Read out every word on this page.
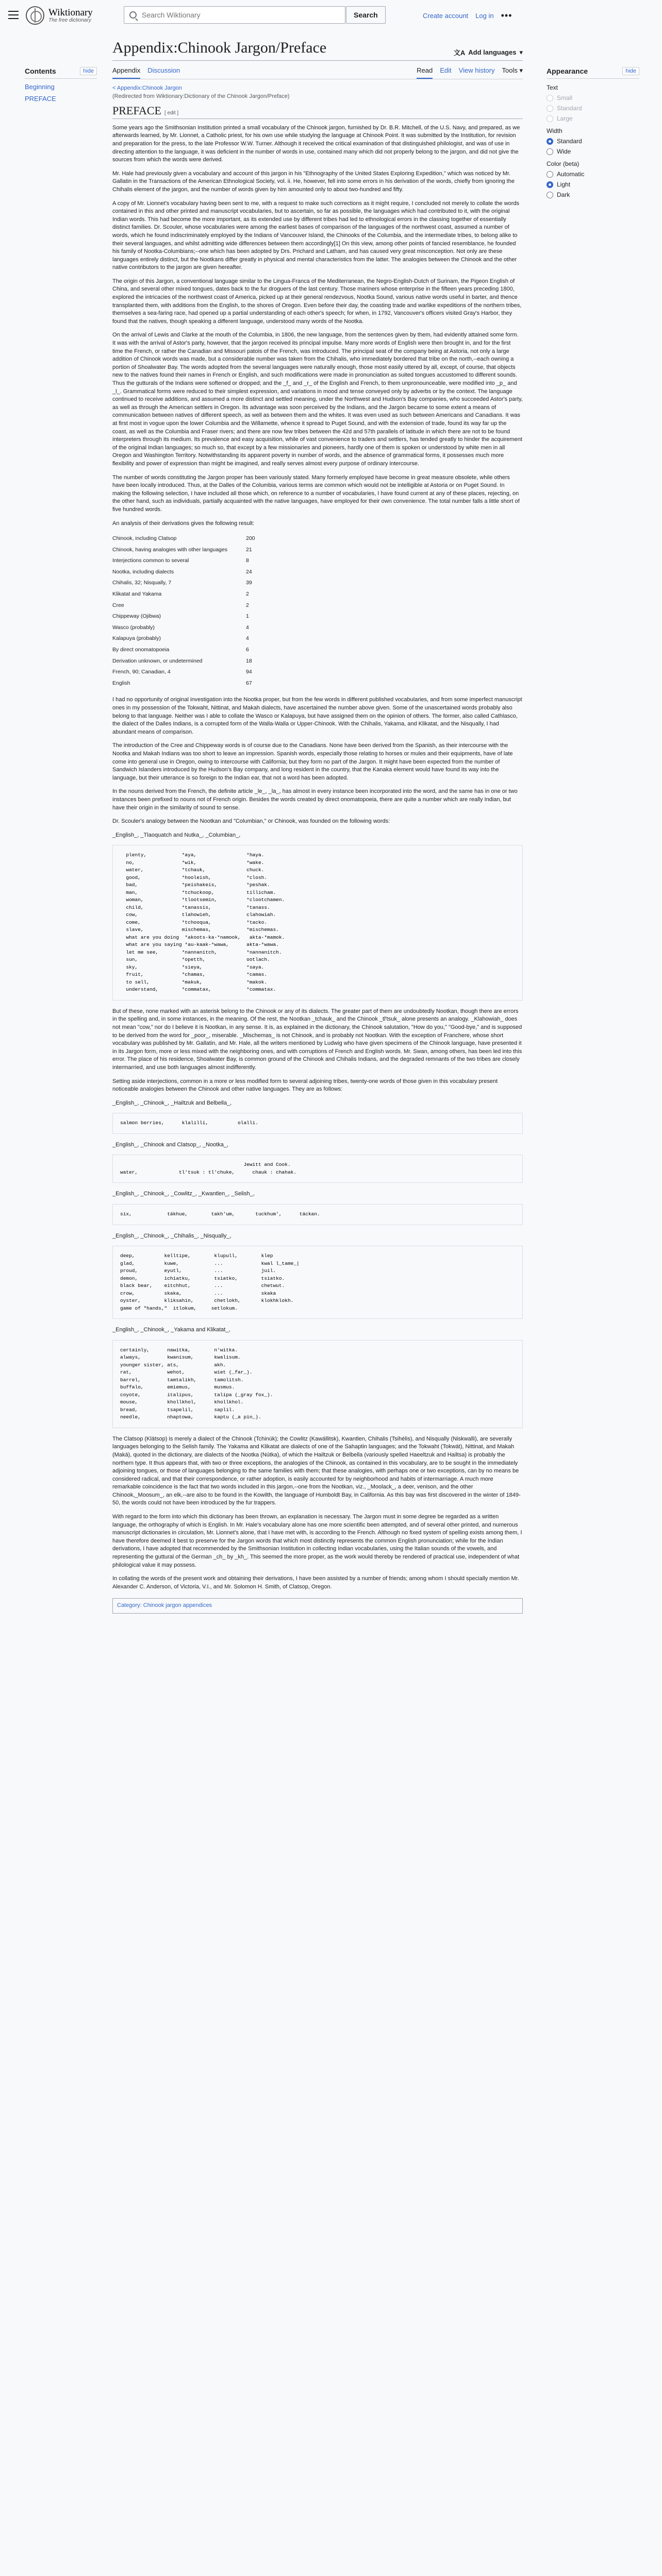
Wiktionary
The free dictionary
Search Wiktionary
Search	Create account Log in •••
Contents	hide
Beginning
PREFACE
Appendix:Chinook Jargon/Preface	文A Add languages ▾
Appendix Discussion	Read Edit View history Tools ▾
< Appendix:Chinook Jargon
(Redirected from Wiktionary:Dictionary of the Chinook Jargon/Preface)
PREFACE [ edit ]

Some years ago the Smithsonian Institution printed a small vocabulary of the Chinook jargon, furnished by Dr. B.R. Mitchell, of the U.S. Navy, and prepared, as we afterwards learned, by Mr. Lionnet, a Catholic priest, for his own use while studying the language at Chinook Point. It was submitted by the Institution, for revision and preparation for the press, to the late Professor W.W. Turner. Although it received the critical examination of that distinguished philologist, and was of use in directing attention to the language, it was deficient in the number of words in use, contained many which did not properly belong to the jargon, and did not give the sources from which the words were derived.

Mr. Hale had previously given a vocabulary and account of this jargon in his "Ethnography of the United States Exploring Expedition," which was noticed by Mr. Gallatin in the Transactions of the American Ethnological Society, vol. ii. He, however, fell into some errors in his derivation of the words, chiefly from ignoring the Chihalis element of the jargon, and the number of words given by him amounted only to about two-hundred and fifty.

A copy of Mr. Lionnet's vocabulary having been sent to me, with a request to make such corrections as it might require, I concluded not merely to collate the words contained in this and other printed and manuscript vocabularies, but to ascertain, so far as possible, the languages which had contributed to it, with the original Indian words. This had become the more important, as its extended use by different tribes had led to ethnological errors in the classing together of essentially distinct families. Dr. Scouler, whose vocabularies were among the earliest bases of comparison of the languages of the northwest coast, assumed a number of words, which he found indiscriminately employed by the Indians of Vancouver Island, the Chinooks of the Columbia, and the intermediate tribes, to belong alike to their several languages, and whilst admitting wide differences between them accordingly[1] On this view, among other points of fancied resemblance, he founded his family of Nootka-Columbians;--one which has been adopted by Drs. Prichard and Latham, and has caused very great misconception. Not only are these languages entirely distinct, but the Nootkans differ greatly in physical and mental characteristics from the latter. The analogies between the Chinook and the other native contributors to the jargon are given hereafter.

The origin of this Jargon, a conventional language similar to the Lingua-Franca of the Mediterranean, the Negro-English-Dutch of Surinam, the Pigeon English of China, and several other mixed tongues, dates back to the fur droguers of the last century. Those mariners whose enterprise in the fifteen years preceding 1800, explored the intricacies of the northwest coast of America, picked up at their general rendezvous, Nootka Sound, various native words useful in barter, and thence transplanted them, with additions from the English, to the shores of Oregon. Even before their day, the coasting trade and warlike expeditions of the northern tribes, themselves a sea-faring race, had opened up a partial understanding of each other's speech; for when, in 1792, Vancouver's officers visited Gray's Harbor, they found that the natives, though speaking a different language, understood many words of the Nootka.

On the arrival of Lewis and Clarke at the mouth of the Columbia, in 1806, the new language, from the sentences given by them, had evidently attained some form. It was with the arrival of Astor's party, however, that the jargon received its principal impulse. Many more words of English were then brought in, and for the first time the French, or rather the Canadian and Missouri patois of the French, was introduced. The principal seat of the company being at Astoria, not only a large addition of Chinook words was made, but a considerable number was taken from the Chihalis, who immediately bordered that tribe on the north,--each owning a portion of Shoalwater Bay. The words adopted from the several languages were naturally enough, those most easily uttered by all, except, of course, that objects new to the natives found their names in French or English, and such modifications were made in pronunciation as suited tongues accustomed to different sounds. Thus the gutturals of the Indians were softened or dropped; and the _f_ and _r_ of the English and French, to them unpronounceable, were modified into _p_ and _l_. Grammatical forms were reduced to their simplest expression, and variations in mood and tense conveyed only by adverbs or by the context. The language continued to receive additions, and assumed a more distinct and settled meaning, under the Northwest and Hudson's Bay companies, who succeeded Astor's party, as well as through the American settlers in Oregon. Its advantage was soon perceived by the Indians, and the Jargon became to some extent a means of communication between natives of different speech, as well as between them and the whites. It was even used as such between Americans and Canadians. It was at first most in vogue upon the lower Columbia and the Willamette, whence it spread to Puget Sound, and with the extension of trade, found its way far up the coast, as well as the Columbia and Fraser rivers; and there are now few tribes between the 42d and 57th parallels of latitude in which there are not to be found interpreters through its medium. Its prevalence and easy acquisition, while of vast convenience to traders and settlers, has tended greatly to hinder the acquirement of the original Indian languages; so much so, that except by a few missionaries and pioneers, hardly one of them is spoken or understood by white men in all Oregon and Washington Territory. Notwithstanding its apparent poverty in number of words, and the absence of grammatical forms, it possesses much more flexibility and power of expression than might be imagined, and really serves almost every purpose of ordinary intercourse.

The number of words constituting the Jargon proper has been variously stated. Many formerly employed have become in great measure obsolete, while others have been locally introduced. Thus, at the Dalles of the Columbia, various terms are common which would not be intelligible at Astoria or on Puget Sound. In making the following selection, I have included all those which, on reference to a number of vocabularies, I have found current at any of these places, rejecting, on the other hand, such as individuals, partially acquainted with the native languages, have employed for their own convenience. The total number falls a little short of five hundred words.

An analysis of their derivations gives the following result:

Chinook, including Clatsop	200
Chinook, having analogies with other languages	21
Interjections common to several	8
Nootka, including dialects	24
Chihalis, 32; Nisqually, 7	39
Klikatat and Yakama	2
Cree	2
Chippeway (Ojibwa)	1
Wasco (probably)	4
Kalapuya (probably)	4
By direct onomatopoeia	6
Derivation unknown, or undetermined	18
French, 90; Canadian, 4	94
English	67

I had no opportunity of original investigation into the Nootka proper, but from the few words in different published vocabularies, and from some imperfect manuscript ones in my possession of the Tokwaht, Nittinat, and Makah dialects, have ascertained the number above given. Some of the unascertained words probably also belong to that language. Neither was I able to collate the Wasco or Kalapuya, but have assigned them on the opinion of others. The former, also called Cathlasco, the dialect of the Dalles Indians, is a corrupted form of the Walla-Walla or Upper-Chinook. With the Chihalis, Yakama, and Klikatat, and the Nisqually, I had abundant means of comparison.

The introduction of the Cree and Chippeway words is of course due to the Canadians. None have been derived from the Spanish, as their intercourse with the Nootka and Makah Indians was too short to leave an impression. Spanish words, especially those relating to horses or mules and their equipments, have of late come into general use in Oregon, owing to intercourse with California; but they form no part of the Jargon. It might have been expected from the number of Sandwich Islanders introduced by the Hudson's Bay company, and long resident in the country, that the Kanaka element would have found its way into the language, but their utterance is so foreign to the Indian ear, that not a word has been adopted.

In the nouns derived from the French, the definite article _le_, _la_, has almost in every instance been incorporated into the word, and the same has in one or two instances been prefixed to nouns not of French origin. Besides the words created by direct onomatopoeia, there are quite a number which are really Indian, but have their origin in the similarity of sound to sense.

Dr. Scouler's analogy between the Nootkan and "Columbian," or Chinook, was founded on the following words:

_English_, _Tlaoquatch and Nutka_, _Columbian_,

plenty,            *aya,                 *haya.
no,                *wik,                 *wake.
water,             *tchauk,              chuck.
good,              *hooleish,            *closh.
bad,               *peishakeis,          *peshak.
man,               *tchuckoop,           tillicham.
woman,             *tlootsemin,          *clootchamen.
child,             *tanassis,            *tanass.
cow,               tlahowieh,            clahowiah.
come,              *tchooqua,            *tacko.
slave,             mischemas,            *mischemas.
what are you doing  *akoots-ka-*namook,   akta-*mamok.
what are you saying *au-kaak-*wawa,      akta-*wawa.
let me see,        *nannanitch,          *nannanitch.
sun,               *opetth,              ootlach.
sky,               *sieya,               *saya.
fruit,             *chamas,              *camas.
to sell,           *makuk,               *makok.
understand,        *commatax,            *commatax.

But of these, none marked with an asterisk belong to the Chinook or any of its dialects. The greater part of them are undoubtedly Nootkan, though there are errors in the spelling and, in some instances, in the meaning. Of the rest, the Nootkan _tchauk_ and the Chinook _tl'tsuk_ alone presents an analogy. _Klahowiah_ does not mean "cow," nor do I believe it is Nootkan, in any sense. It is, as explained in the dictionary, the Chinook salutation, "How do you," "Good-bye," and is supposed to be derived from the word for _poor_, miserable. _Mischemas_ is not Chinook, and is probably not Nootkan. With the exception of Franchere, whose short vocabulary was published by Mr. Gallatin, and Mr. Hale, all the writers mentioned by Ludwig who have given specimens of the Chinook language, have presented it in its Jargon form, more or less mixed with the neighboring ones, and with corruptions of French and English words. Mr. Swan, among others, has been led into this error. The place of his residence, Shoalwater Bay, is common ground of the Chinook and Chihalis Indians, and the degraded remnants of the two tribes are closely intermarried, and use both languages almost indifferently.

Setting aside interjections, common in a more or less modified form to several adjoining tribes, twenty-one words of those given in this vocabulary present noticeable analogies between the Chinook and other native languages. They are as follows:

_English_, _Chinook_, _Hailtzuk and Belbella_,

salmon berries,      klalilli,          olalli.

_English_, _Chinook and Clatsop_, _Nootka_,

Jewitt and Cook.
water,              tl'tsuk : tl'chuke,      chauk : chahak.

_English_, _Chinook_, _Cowlitz_, _Kwantlen_, _Selish_,

six,            tákhue,        takh'um,       tuckhum',      táckan.

_English_, _Chinook_, _Chihalis_, _Nisqually_,

deep,          kelltipe,        klupull,        klep
glad,          kuwe,            ...             kwal l_tame_|
proud,         eyutl,           ...             juil.
demon,         ichiatku,        tsiatko,        tsiatko.
black bear,    eitchhut,        ...             chetwut.
crow,          skaka,           ...             skaka
oyster,        kliksahin,       chetlokh,       klokhklokh.
game of "hands,"  itlokum,     setlokum.

_English_, _Chinook_, _Yakama and Klikatat_,

certainly,      nawitka,        n'witka.
always,         kwanisum,       kwalisum.
younger sister, ats,            akh.
rat,            wehot,          wiet (_far_).
barrel,         tamtalikh,      tamolitsh.
buffalo,        emiemus,        musmus.
coyote,         italipus,       talipa (_gray fox_).
mouse,          khollkhol,      khollkhol.
bread,          tsapelil,       saplil.
needle,         nhaptowa,       kaptu (_a pin_).

The Clatsop (Klátsop) is merely a dialect of the Chinook (Tchinúk); the Cowlitz (Kawállitsk), Kwantlen, Chihalis (Tsihélis), and Nisqually (Niskwalli), are severally languages belonging to the Selish family. The Yakama and Klikatat are dialects of one of the Sahaptin languages; and the Tokwaht (Tokwát), Nittinat, and Makah (Maká), quoted in the dictionary, are dialects of the Nootka (Nútka), of which the Hailtzuk or Belbella (variously spelled Haeeltzuk and Hailtsa) is probably the northern type. It thus appears that, with two or three exceptions, the analogies of the Chinook, as contained in this vocabulary, are to be sought in the immediately adjoining tongues, or those of languages belonging to the same families with them; that these analogies, with perhaps one or two exceptions, can by no means be considered radical, and that their correspondence, or rather adoption, is easily accounted for by neighborhood and habits of intermarriage. A much more remarkable coincidence is the fact that two words included in this jargon,--one from the Nootkan, viz., _Moolack_, a deer, venison, and the other Chinook,_Moosum_, an elk,--are also to be found in the Kowilth, the language of Humboldt Bay, in California. As this bay was first discovered in the winter of 1849-50, the words could not have been introduced by the fur trappers.

With regard to the form into which this dictionary has been thrown, an explanation is necessary. The Jargon must in some degree be regarded as a written language, the orthography of which is English. In Mr. Hale's vocabulary alone has one more scientific been attempted, and of several other printed, and numerous manuscript dictionaries in circulation, Mr. Lionnet's alone, that I have met with, is according to the French. Although no fixed system of spelling exists among them, I have therefore deemed it best to preserve for the Jargon words that which most distinctly represents the common English pronunciation; while for the Indian derivations, I have adopted that recommended by the Smithsonian Institution in collecting Indian vocabularies, using the Italian sounds of the vowels, and representing the guttural of the German _ch_ by _kh_. This seemed the more proper, as the work would thereby be rendered of practical use, independent of what philological value it may possess.

In collating the words of the present work and obtaining their derivations, I have been assisted by a number of friends; among whom I should specially mention Mr. Alexander C. Anderson, of Victoria, V.I., and Mr. Solomon H. Smith, of Clatsop, Oregon.

Category: Chinook jargon appendices
Appearance	hide
Text
Small
Standard
Large
Width
Standard
Wide
Color (beta)
Automatic
Light
Dark
